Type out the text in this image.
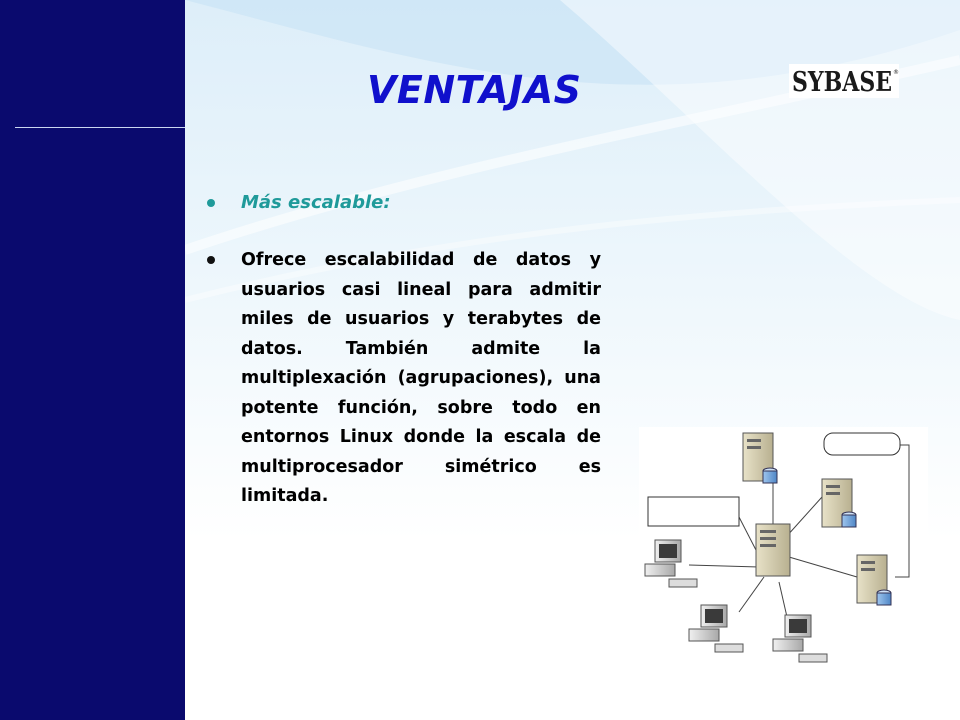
VENTAJAS	SYBASE ®
Más escalable:
Ofrece escalabilidad de datos y usuarios casi lineal para admitir miles de usuarios y terabytes de datos. También admite la multiplexación (agrupaciones), una potente función, sobre todo en entornos Linux donde la escala de multiprocesador simétrico es limitada.
